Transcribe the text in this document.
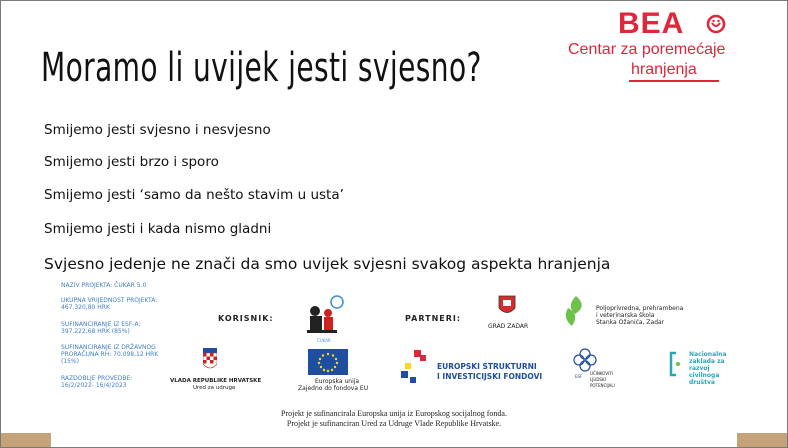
Moramo li uvijek jesti svjesno?
BEA
Centar za poremećaje
hranjenja
Smijemo jesti svjesno i nesvjesno
Smijemo jesti brzo i sporo
Smijemo jesti ‘samo da nešto stavim u usta’
Smijemo jesti i kada nismo gladni
Svjesno jedenje ne znači da smo uvijek svjesni svakog aspekta hranjenja
NAZIV PROJEKTA: ČUKAR 5.0
UKUPNA VRIJEDNOST PROJEKTA:
467.320,80 HRK
SUFINANCIRANJE IZ ESF-A:
397.222,68 HRK (85%)
SUFINANCIRANJE IZ DRŽAVNOG
PRORAČUNA RH: 70.098,12 HRK
(15%)
RAZDOBLJE PROVEDBE:
16/2/2022- 16/4/2023
KORISNIK:
CUKAR
PARTNERI:
GRAD ZADAR
Poljoprivredna, prehrambena
i veterinarska škola
Stanka Ožanića, Zadar
VLADA REPUBLIKE HRVATSKE
Ured za udruge
Europska unija
Zajedno do fondova EU
EUROPSKI STRUKTURNI
I INVESTICIJSKI FONDOVI	ESF
UČINKOVITI
LJUDSKI
POTENCIJALI
Nacionalna
zaklada za
razvoj
civilnoga
društva
Projekt je sufinancirala Europska unija iz Europskog socijalnog fonda.
Projekt je sufinanciran Ured za Udruge Vlade Republike Hrvatske.
